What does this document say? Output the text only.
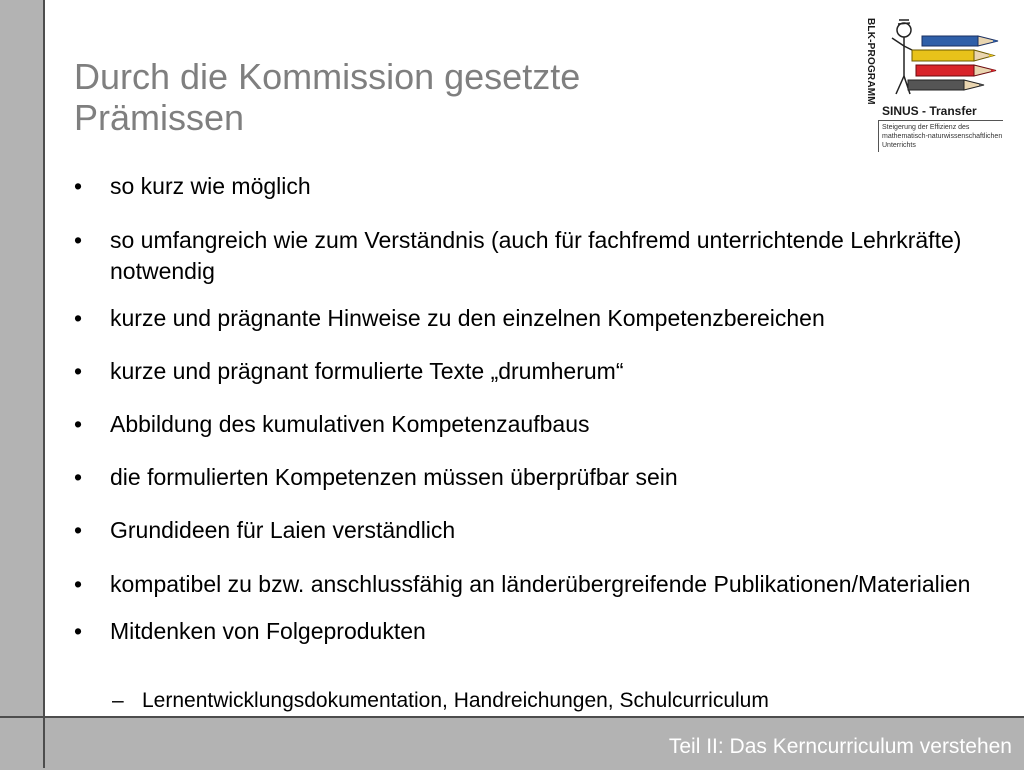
Durch die Kommission gesetzte
Prämissen
BLK-PROGRAMM

SINUS - Transfer

Steigerung der Effizienz des mathematisch-naturwissenschaftlichen Unterrichts
• so kurz wie möglich
• so umfangreich wie zum Verständnis (auch für fachfremd unterrichtende Lehrkräfte) notwendig
• kurze und prägnante Hinweise zu den einzelnen Kompetenzbereichen
• kurze und prägnant formulierte Texte „drumherum“
• Abbildung des kumulativen Kompetenzaufbaus
• die formulierten Kompetenzen müssen überprüfbar sein
• Grundideen für Laien verständlich
• kompatibel zu bzw. anschlussfähig an länderübergreifende Publikationen/Materialien
• Mitdenken von Folgeprodukten
– Lernentwicklungsdokumentation, Handreichungen, Schulcurriculum
Teil II: Das Kerncurriculum verstehen
